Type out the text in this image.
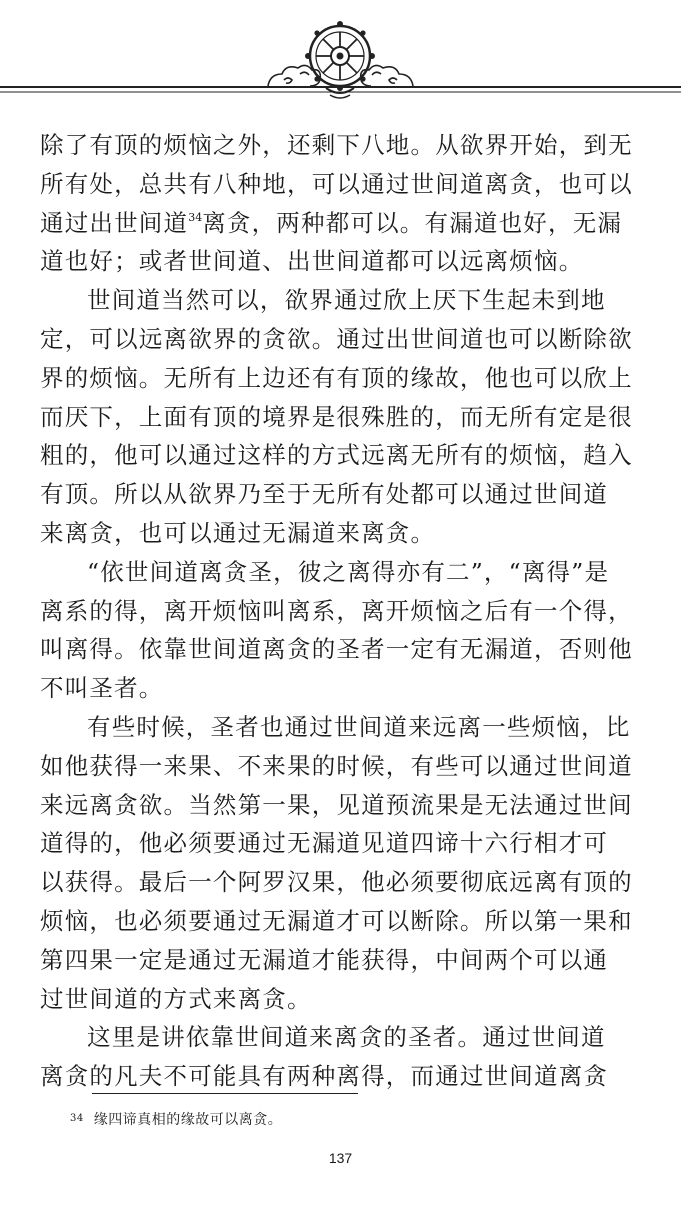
除了有顶的烦恼之外，还剩下八地。从欲界开始，到无
所有处，总共有八种地，可以通过世间道离贪，也可以
通过出世间道$^{34}$离贪，两种都可以。有漏道也好，无漏
道也好；或者世间道、出世间道都可以远离烦恼。

世间道当然可以，欲界通过欣上厌下生起未到地
定，可以远离欲界的贪欲。通过出世间道也可以断除欲
界的烦恼。无所有上边还有有顶的缘故，他也可以欣上
而厌下，上面有顶的境界是很殊胜的，而无所有定是很
粗的，他可以通过这样的方式远离无所有的烦恼，趋入
有顶。所以从欲界乃至于无所有处都可以通过世间道
来离贪，也可以通过无漏道来离贪。

“依世间道离贪圣，彼之离得亦有二”，“离得”是
离系的得，离开烦恼叫离系，离开烦恼之后有一个得，
叫离得。依靠世间道离贪的圣者一定有无漏道，否则他
不叫圣者。

有些时候，圣者也通过世间道来远离一些烦恼，比
如他获得一来果、不来果的时候，有些可以通过世间道
来远离贪欲。当然第一果，见道预流果是无法通过世间
道得的，他必须要通过无漏道见道四谛十六行相才可
以获得。最后一个阿罗汉果，他必须要彻底远离有顶的
烦恼，也必须要通过无漏道才可以断除。所以第一果和
第四果一定是通过无漏道才能获得，中间两个可以通
过世间道的方式来离贪。

这里是讲依靠世间道来离贪的圣者。通过世间道
离贪的凡夫不可能具有两种离得，而通过世间道离贪

$^{34}$ 缘四谛真相的缘故可以离贪。
137
